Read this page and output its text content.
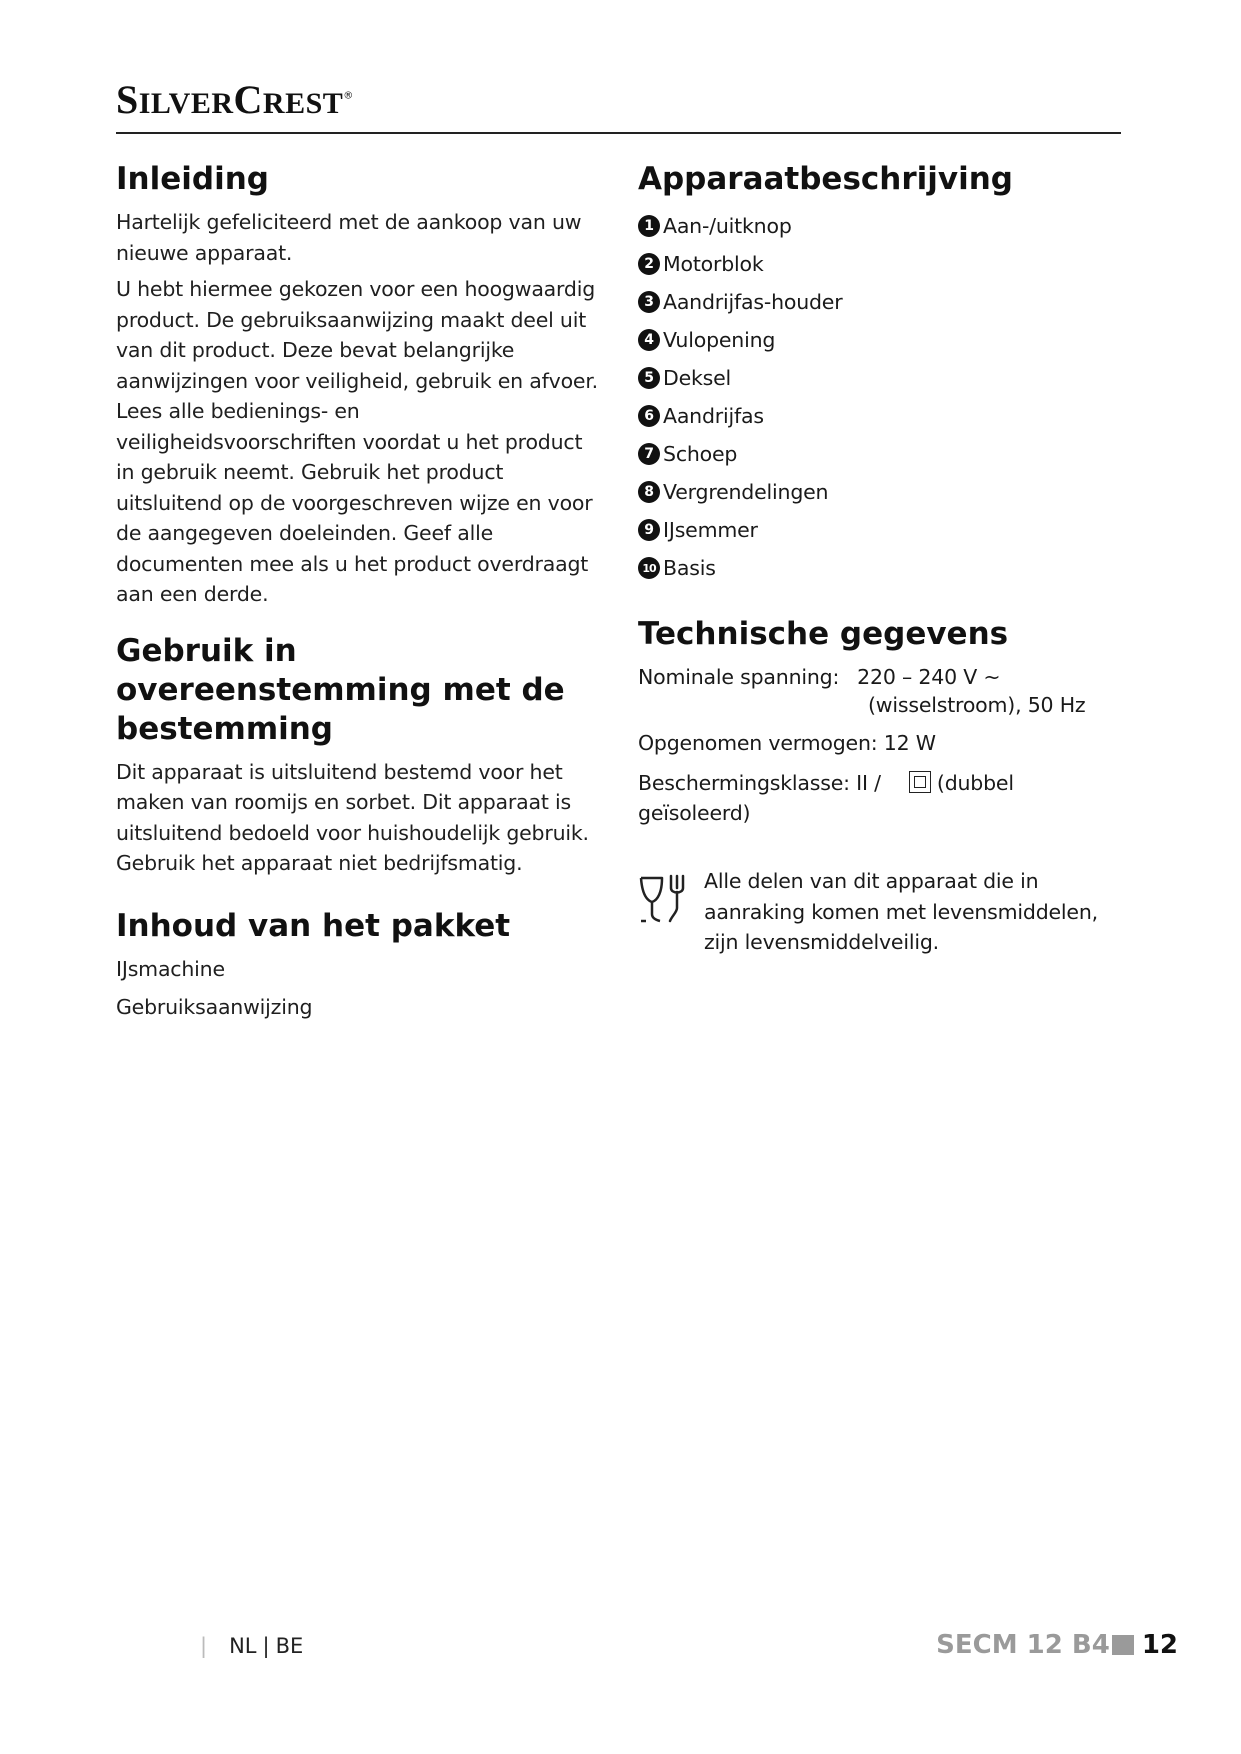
SILVERCREST®
Inleiding

Hartelijk gefeliciteerd met de aankoop van uw nieuwe apparaat.

U hebt hiermee gekozen voor een hoogwaardig product. De gebruiksaanwijzing maakt deel uit van dit product. Deze bevat belangrijke aanwijzingen voor veiligheid, gebruik en afvoer. Lees alle bedienings- en veiligheidsvoorschriften voordat u het product in gebruik neemt. Gebruik het product uitsluitend op de voorgeschreven wijze en voor de aangegeven doeleinden. Geef alle documenten mee als u het product overdraagt aan een derde.

Gebruik in overeenstemming met de bestemming

Dit apparaat is uitsluitend bestemd voor het maken van roomijs en sorbet. Dit apparaat is uitsluitend bedoeld voor huishoudelijk gebruik. Gebruik het apparaat niet bedrijfsmatig.

Inhoud van het pakket

IJsmachine

Gebruiksaanwijzing

Apparaatbeschrijving
1 Aan-/uitknop
2 Motorblok
3 Aandrijfas-houder
4 Vulopening
5 Deksel
6 Aandrijfas
7 Schoep
8 Vergrendelingen
9 IJsemmer
10 Basis
Technische gegevens
Nominale spanning: 220 – 240 V ~
(wisselstroom), 50 Hz
Opgenomen vermogen: 12 W
Beschermingsklasse: II /	(dubbel geïsoleerd)

Alle delen van dit apparaat die in aanraking komen met levensmiddelen, zijn levensmiddelveilig.

| NL | BE	SECM 12 B4 12
